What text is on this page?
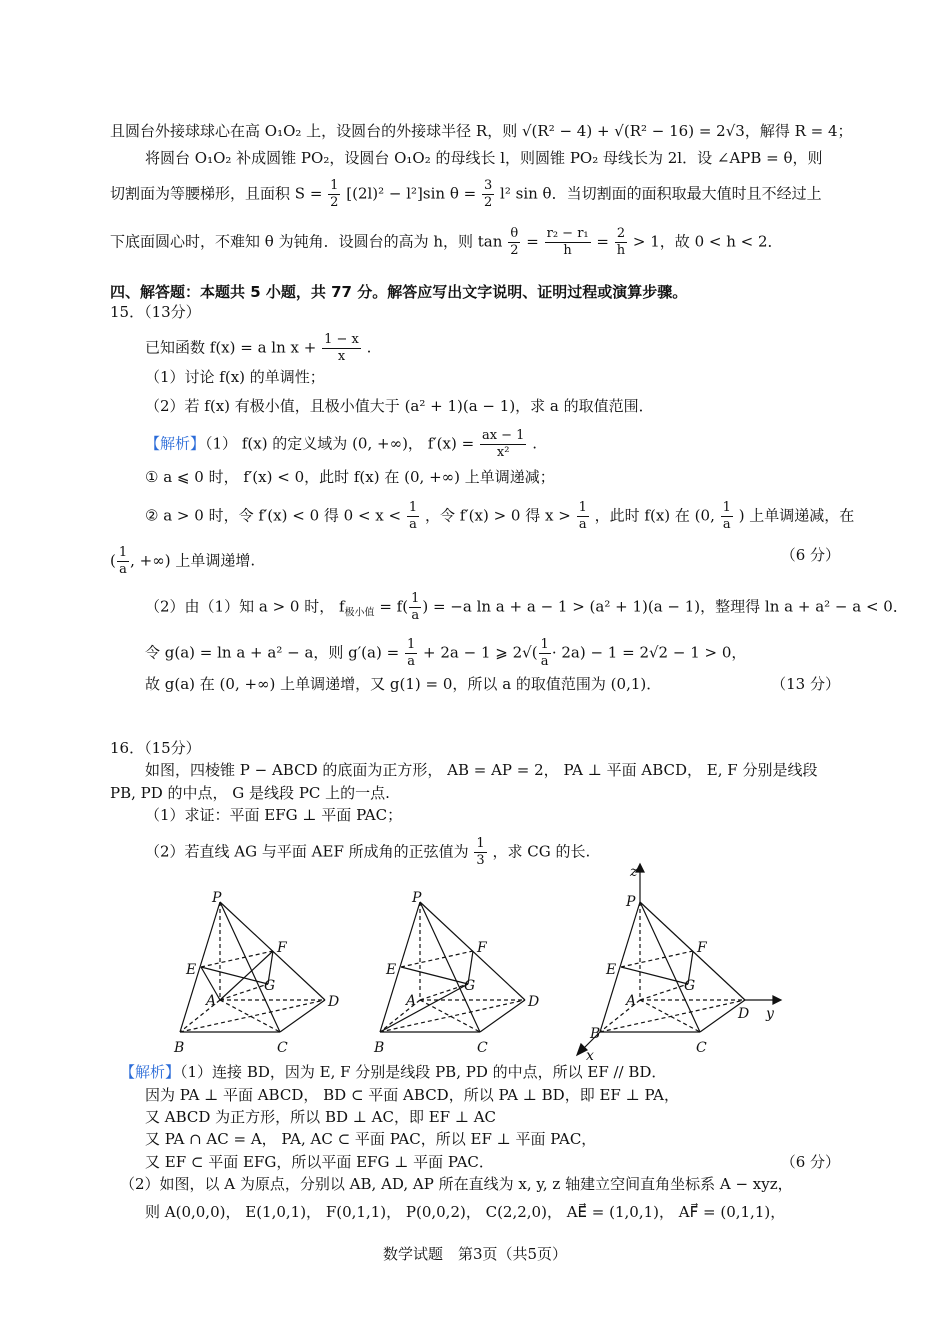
且圆台外接球球心在高 O₁O₂ 上，设圆台的外接球半径 R，则 √(R² − 4) + √(R² − 16) = 2√3，解得 R = 4；
将圆台 O₁O₂ 补成圆锥 PO₂，设圆台 O₁O₂ 的母线长 l，则圆锥 PO₂ 母线长为 2l．设 ∠APB = θ，则
切割面为等腰梯形，且面积 $S = \frac{1}{2} [(2l)^2 - l^2]\sin$ $\theta = \frac{3}{2} l^2$ sin θ．当切割面的面积取最大值时且不经过上
下底面圆心时，不难知 θ 为钝角．设圆台的高为 h，则 $\tan \frac{\theta}{2} = \frac{\text{r₂ − r₁}}{h} = \frac{2}{h} > 1$，故 0 < h < 2．
四、解答题：本题共 5 小题，共 77 分。解答应写出文字说明、证明过程或演算步骤。
15．（13分）
已知函数 f(x) = a $\ln x + \frac{1 - x}{x}$ .
（1）讨论 f(x) 的单调性；
（2）若 f(x) 有极小值，且极小值大于 (a² + 1)(a − 1)，求 a 的取值范围．
【解析】（1） f(x) 的定义域为 (0, +∞)， $f'(x) = \frac{ax - 1}{\text{x²}}$ .
① a ⩽ 0 时， f′(x) < 0，此时 f(x) 在 (0, +∞) 上单调递减；
② a > 0 时，令 f′(x) < 0 得 $0 < x < \frac{1}{a}$ ，令 f′(x) > 0 得 $x > \frac{1}{a}$ ，此时 f(x) 在 (0, $\frac{1}{a}$ ) 上单调递减，在
( $\frac{1}{a}$ , +∞) 上单调递增.	（6 分）
（2）由（1）知 a > 0 时， $f_{极小值} = f( \frac{1}{a}$ ) = −a ln a + a − 1 > (a² + 1)(a − 1)，整理得 ln a + a² − a < 0．
令 g(a) = ln a + a² − a，则 $g'(a) = \frac{1}{a} + 2a - 1$ ⩾ $2√( \frac{1}{a} \cdot 2a) - 1 = 2√2 - 1 > 0$，
故 g(a) 在 (0, +∞) 上单调递增，又 g(1) = 0，所以 a 的取值范围为 (0,1)．	（13 分）
16．（15分）
如图，四棱锥 P − ABCD 的底面为正方形， AB = AP = 2， PA ⊥ 平面 ABCD， E, F 分别是线段
PB, PD 的中点， G 是线段 PC 上的一点.
（1）求证：平面 EFG ⊥ 平面 PAC；
（2）若直线 AG 与平面 AEF 所成角的正弦值为 $\frac{1}{3}$ ，求 CG 的长.
P
E
F
G
A	D
B	C
P
E
F
G
A	D
B	C
P
z
E
F
G
A
D y
B
C
x
【解析】（1）连接 BD，因为 E, F 分别是线段 PB, PD 的中点，所以 EF // BD．
因为 PA ⊥ 平面 ABCD， BD ⊂ 平面 ABCD，所以 PA ⊥ BD，即 EF ⊥ PA，
又 ABCD 为正方形，所以 BD ⊥ AC，即 EF ⊥ AC
又 PA ∩ AC = A， PA, AC ⊂ 平面 PAC，所以 EF ⊥ 平面 PAC，
又 EF ⊂ 平面 EFG，所以平面 EFG ⊥ 平面 PAC．	（6 分）
（2）如图，以 A 为原点，分别以 AB, AD, AP 所在直线为 x, y, z 轴建立空间直角坐标系 A − xyz，
则 A(0,0,0)， E(1,0,1)， F(0,1,1)， P(0,0,2)， C(2,2,0)， AE⃗ = (1,0,1)， AF⃗ = (0,1,1)，
数学试题　第3页（共5页）
